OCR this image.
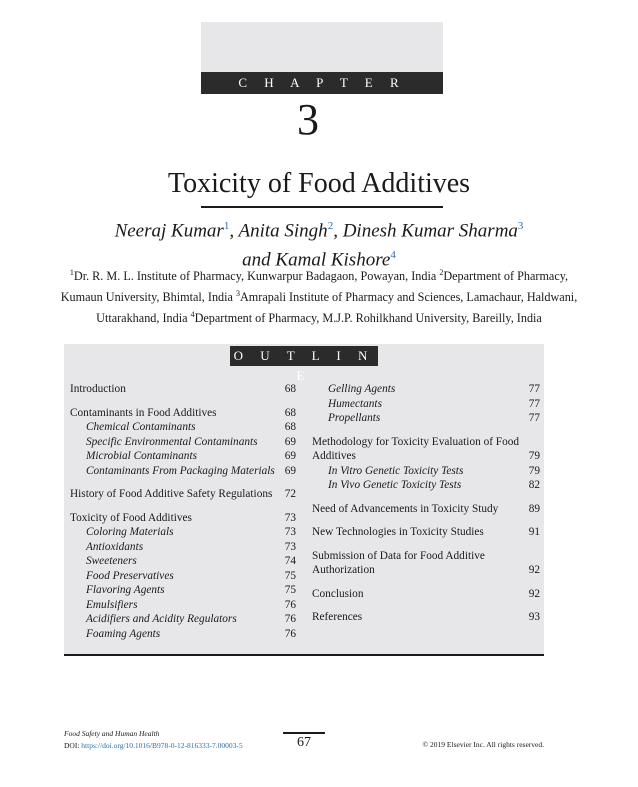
C H A P T E R
3
Toxicity of Food Additives
Neeraj Kumar$^1$, Anita Singh$^2$, Dinesh Kumar Sharma$^3$
and Kamal Kishore$^4$
$^1$Dr. R. M. L. Institute of Pharmacy, Kunwarpur Badagaon, Powayan, India $^2$Department of Pharmacy, Kumaun University, Bhimtal, India $^3$Amrapali Institute of Pharmacy and Sciences, Lamachaur, Haldwani, Uttarakhand, India $^4$Department of Pharmacy, M.J.P. Rohilkhand University, Bareilly, India
O U T L I N E
Introduction	68
Contaminants in Food Additives	68
Chemical Contaminants	68
Specific Environmental Contaminants	69
Microbial Contaminants	69
Contaminants From Packaging Materials 69
History of Food Additive Safety Regulations	72
Toxicity of Food Additives	73
Coloring Materials	73
Antioxidants	73
Sweeteners	74
Food Preservatives	75
Flavoring Agents	75
Emulsifiers	76
Acidifiers and Acidity Regulators	76
Foaming Agents	76
Gelling Agents	77
Humectants	77
Propellants	77
Methodology for Toxicity Evaluation of Food Additives	79
In Vitro Genetic Toxicity Tests	79
In Vivo Genetic Toxicity Tests	82
Need of Advancements in Toxicity Study	89
New Technologies in Toxicity Studies	91
Submission of Data for Food Additive Authorization	92
Conclusion	92
References	93
Food Safety and Human Health
DOI: https://doi.org/10.1016/B978-0-12-816333-7.00003-5	67	© 2019 Elsevier Inc. All rights reserved.
